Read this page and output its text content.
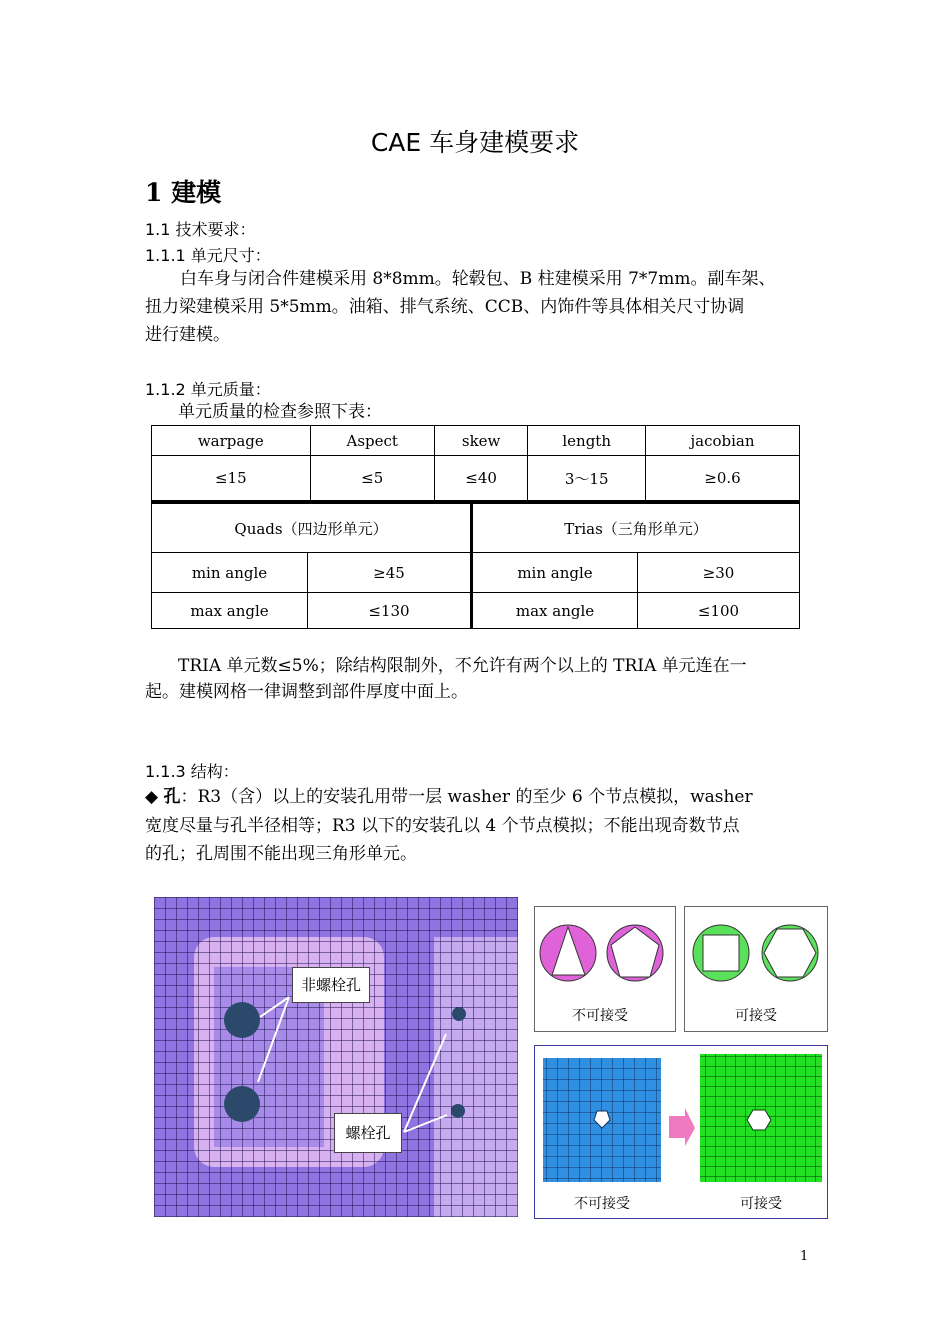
CAE 车身建模要求
1 建模
1.1 技术要求：
1.1.1 单元尺寸：
白车身与闭合件建模采用 8*8mm。轮毂包、B 柱建模采用 7*7mm。副车架、
扭力梁建模采用 5*5mm。油箱、排气系统、CCB、内饰件等具体相关尺寸协调
进行建模。
1.1.2 单元质量：
单元质量的检查参照下表：
warpage	Aspect	skew	length	jacobian
≤15	≤5	≤40	3～15	≥0.6
Quads（四边形单元）		Trias（三角形单元）	
min angle	≥45	min angle	≥30
max angle	≤130	max angle	≤100
TRIA 单元数≤5%；除结构限制外，不允许有两个以上的 TRIA 单元连在一
起。建模网格一律调整到部件厚度中面上。
1.1.3 结构：
◆ 孔：R3（含）以上的安装孔用带一层 washer 的至少 6 个节点模拟，washer
宽度尽量与孔半径相等；R3 以下的安装孔以 4 个节点模拟；不能出现奇数节点
的孔；孔周围不能出现三角形单元。
非螺栓孔
螺栓孔
不可接受	可接受
不可接受	可接受
1
